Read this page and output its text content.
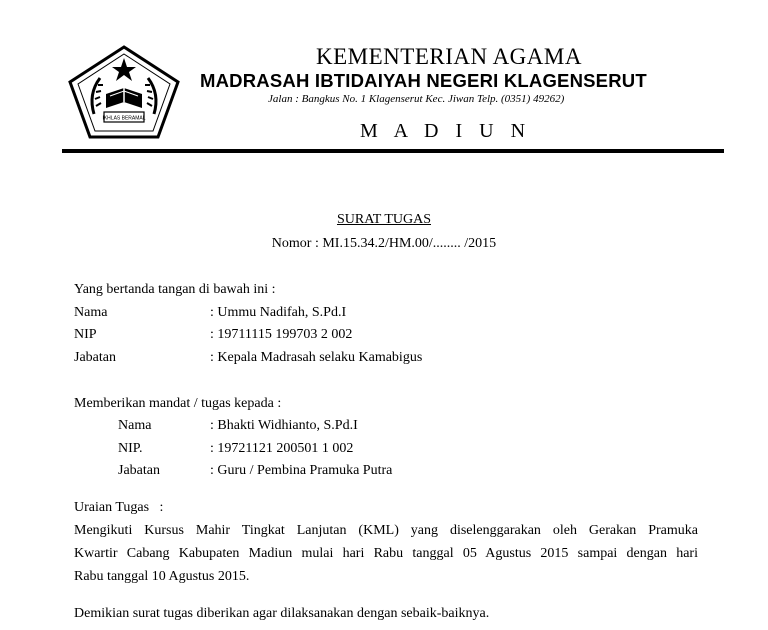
IKHLAS BERAMAL
KEMENTERIAN AGAMA
MADRASAH IBTIDAIYAH NEGERI KLAGENSERUT
Jalan : Bangkus No. 1 Klagenserut Kec. Jiwan Telp. (0351) 49262)
M A D I U N
SURAT TUGAS
Nomor : MI.15.34.2/HM.00/........ /2015
Yang bertanda tangan di bawah ini :
Nama	: Ummu Nadifah, S.Pd.I
NIP	: 19711115 199703 2 002
Jabatan	: Kepala Madrasah selaku Kamabigus
Memberikan mandat / tugas kepada :
Nama	: Bhakti Widhianto, S.Pd.I
NIP.	: 19721121 200501 1 002
Jabatan	: Guru / Pembina Pramuka Putra
Uraian Tugas   :
Mengikuti Kursus Mahir Tingkat Lanjutan (KML) yang diselenggarakan oleh Gerakan Pramuka
Kwartir Cabang Kabupaten Madiun mulai hari Rabu tanggal 05 Agustus 2015 sampai dengan hari
Rabu tanggal 10 Agustus 2015.
Demikian surat tugas diberikan agar dilaksanakan dengan sebaik-baiknya.
